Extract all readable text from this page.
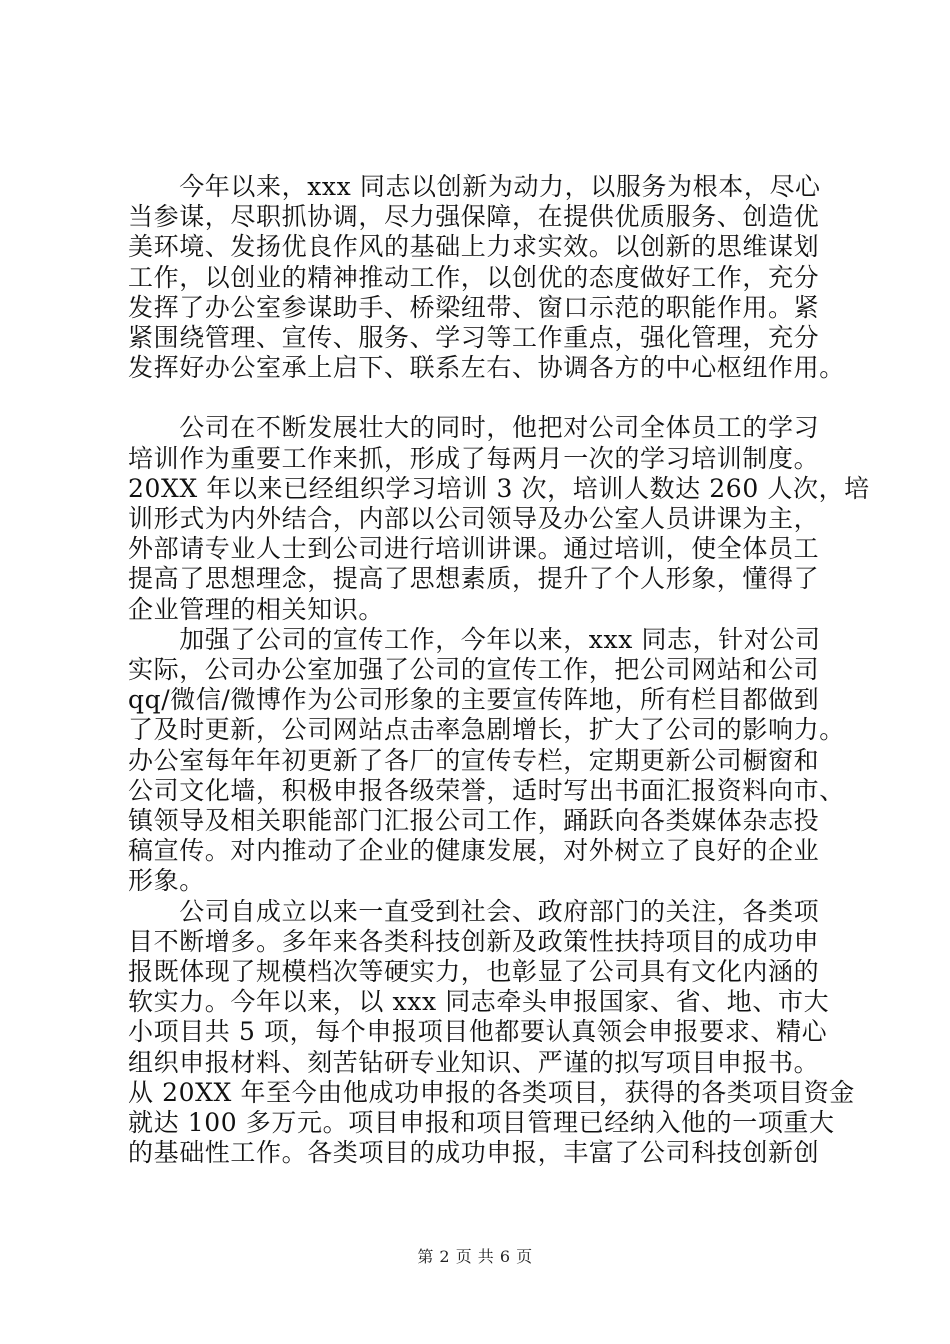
　　今年以来，xxx 同志以创新为动力，以服务为根本，尽心
当参谋，尽职抓协调，尽力强保障，在提供优质服务、创造优
美环境、发扬优良作风的基础上力求实效。以创新的思维谋划
工作，以创业的精神推动工作，以创优的态度做好工作，充分
发挥了办公室参谋助手、桥梁纽带、窗口示范的职能作用。紧
紧围绕管理、宣传、服务、学习等工作重点，强化管理，充分
发挥好办公室承上启下、联系左右、协调各方的中心枢纽作用。
　　公司在不断发展壮大的同时，他把对公司全体员工的学习
培训作为重要工作来抓，形成了每两月一次的学习培训制度。
20XX 年以来已经组织学习培训 3 次，培训人数达 260 人次，培
训形式为内外结合，内部以公司领导及办公室人员讲课为主，
外部请专业人士到公司进行培训讲课。通过培训，使全体员工
提高了思想理念，提高了思想素质，提升了个人形象，懂得了
企业管理的相关知识。
　　加强了公司的宣传工作，今年以来，xxx 同志，针对公司
实际，公司办公室加强了公司的宣传工作，把公司网站和公司
qq/微信/微博作为公司形象的主要宣传阵地，所有栏目都做到
了及时更新，公司网站点击率急剧增长，扩大了公司的影响力。
办公室每年年初更新了各厂的宣传专栏，定期更新公司橱窗和
公司文化墙，积极申报各级荣誉，适时写出书面汇报资料向市、
镇领导及相关职能部门汇报公司工作，踊跃向各类媒体杂志投
稿宣传。对内推动了企业的健康发展，对外树立了良好的企业
形象。
　　公司自成立以来一直受到社会、政府部门的关注，各类项
目不断增多。多年来各类科技创新及政策性扶持项目的成功申
报既体现了规模档次等硬实力，也彰显了公司具有文化内涵的
软实力。今年以来，以 xxx 同志牵头申报国家、省、地、市大
小项目共 5 项，每个申报项目他都要认真领会申报要求、精心
组织申报材料、刻苦钻研专业知识、严谨的拟写项目申报书。
从 20XX 年至今由他成功申报的各类项目，获得的各类项目资金
就达 100 多万元。项目申报和项目管理已经纳入他的一项重大
的基础性工作。各类项目的成功申报，丰富了公司科技创新创
第 2 页 共 6 页
